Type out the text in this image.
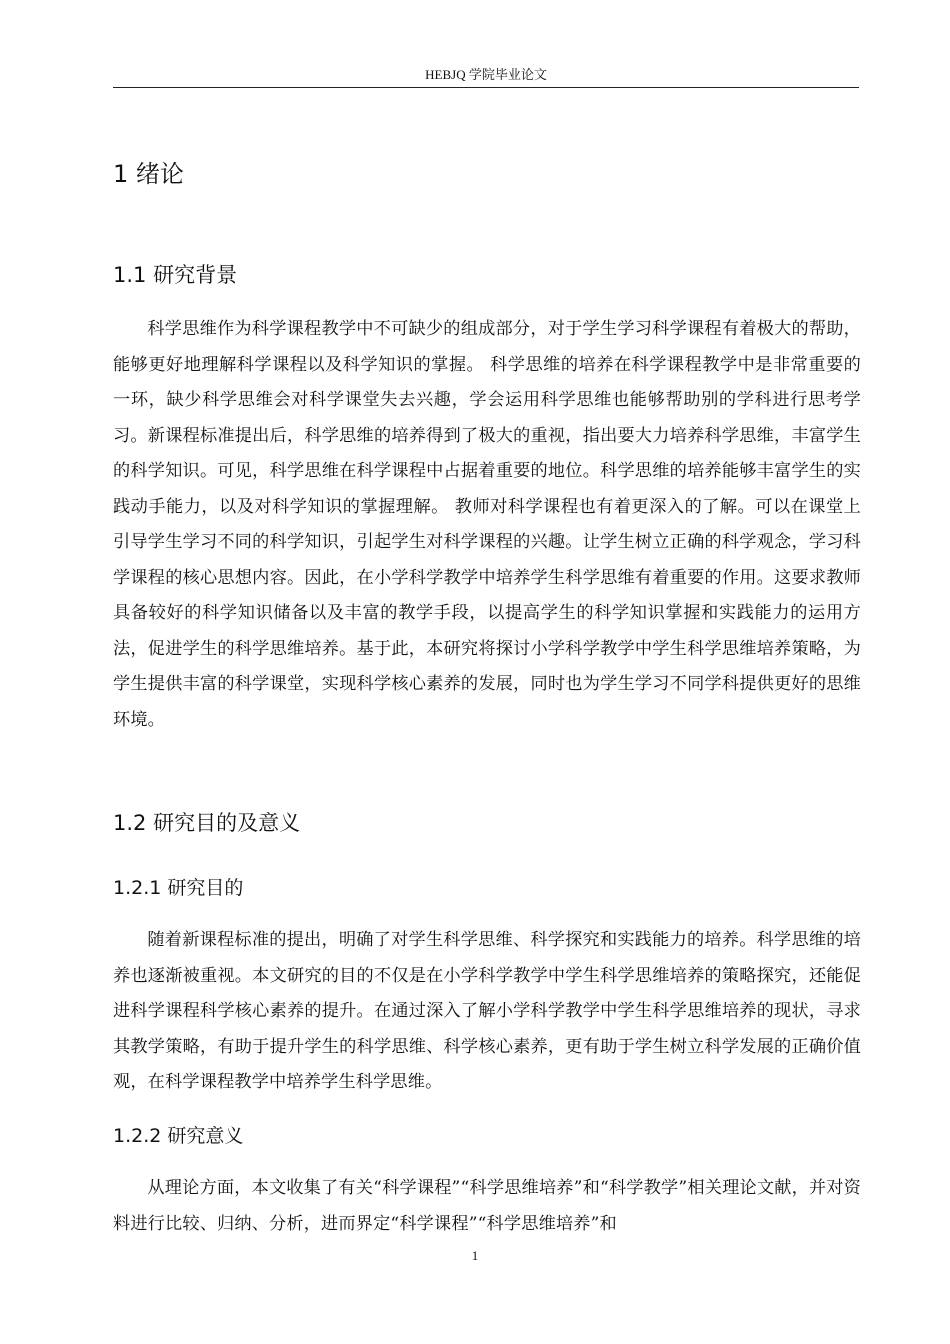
HEBJQ 学院毕业论文
1 绪论
1.1 研究背景

科学思维作为科学课程教学中不可缺少的组成部分，对于学生学习科学课程有着极大的帮助，能够更好地理解科学课程以及科学知识的掌握。 科学思维的培养在科学课程教学中是非常重要的一环，缺少科学思维会对科学课堂失去兴趣，学会运用科学思维也能够帮助别的学科进行思考学习。新课程标准提出后，科学思维的培养得到了极大的重视，指出要大力培养科学思维，丰富学生的科学知识。可见，科学思维在科学课程中占据着重要的地位。科学思维的培养能够丰富学生的实践动手能力，以及对科学知识的掌握理解。 教师对科学课程也有着更深入的了解。可以在课堂上引导学生学习不同的科学知识，引起学生对科学课程的兴趣。让学生树立正确的科学观念，学习科学课程的核心思想内容。因此，在小学科学教学中培养学生科学思维有着重要的作用。这要求教师具备较好的科学知识储备以及丰富的教学手段，以提高学生的科学知识掌握和实践能力的运用方法，促进学生的科学思维培养。基于此，本研究将探讨小学科学教学中学生科学思维培养策略，为学生提供丰富的科学课堂，实现科学核心素养的发展，同时也为学生学习不同学科提供更好的思维环境。

1.2 研究目的及意义
1.2.1 研究目的

随着新课程标准的提出，明确了对学生科学思维、科学探究和实践能力的培养。科学思维的培养也逐渐被重视。本文研究的目的不仅是在小学科学教学中学生科学思维培养的策略探究，还能促进科学课程科学核心素养的提升。在通过深入了解小学科学教学中学生科学思维培养的现状，寻求其教学策略，有助于提升学生的科学思维、科学核心素养，更有助于学生树立科学发展的正确价值观，在科学课程教学中培养学生科学思维。

1.2.2 研究意义

从理论方面，本文收集了有关“科学课程”“科学思维培养”和“科学教学”相关理论文献，并对资料进行比较、归纳、分析，进而界定“科学课程”“科学思维培养”和

1
